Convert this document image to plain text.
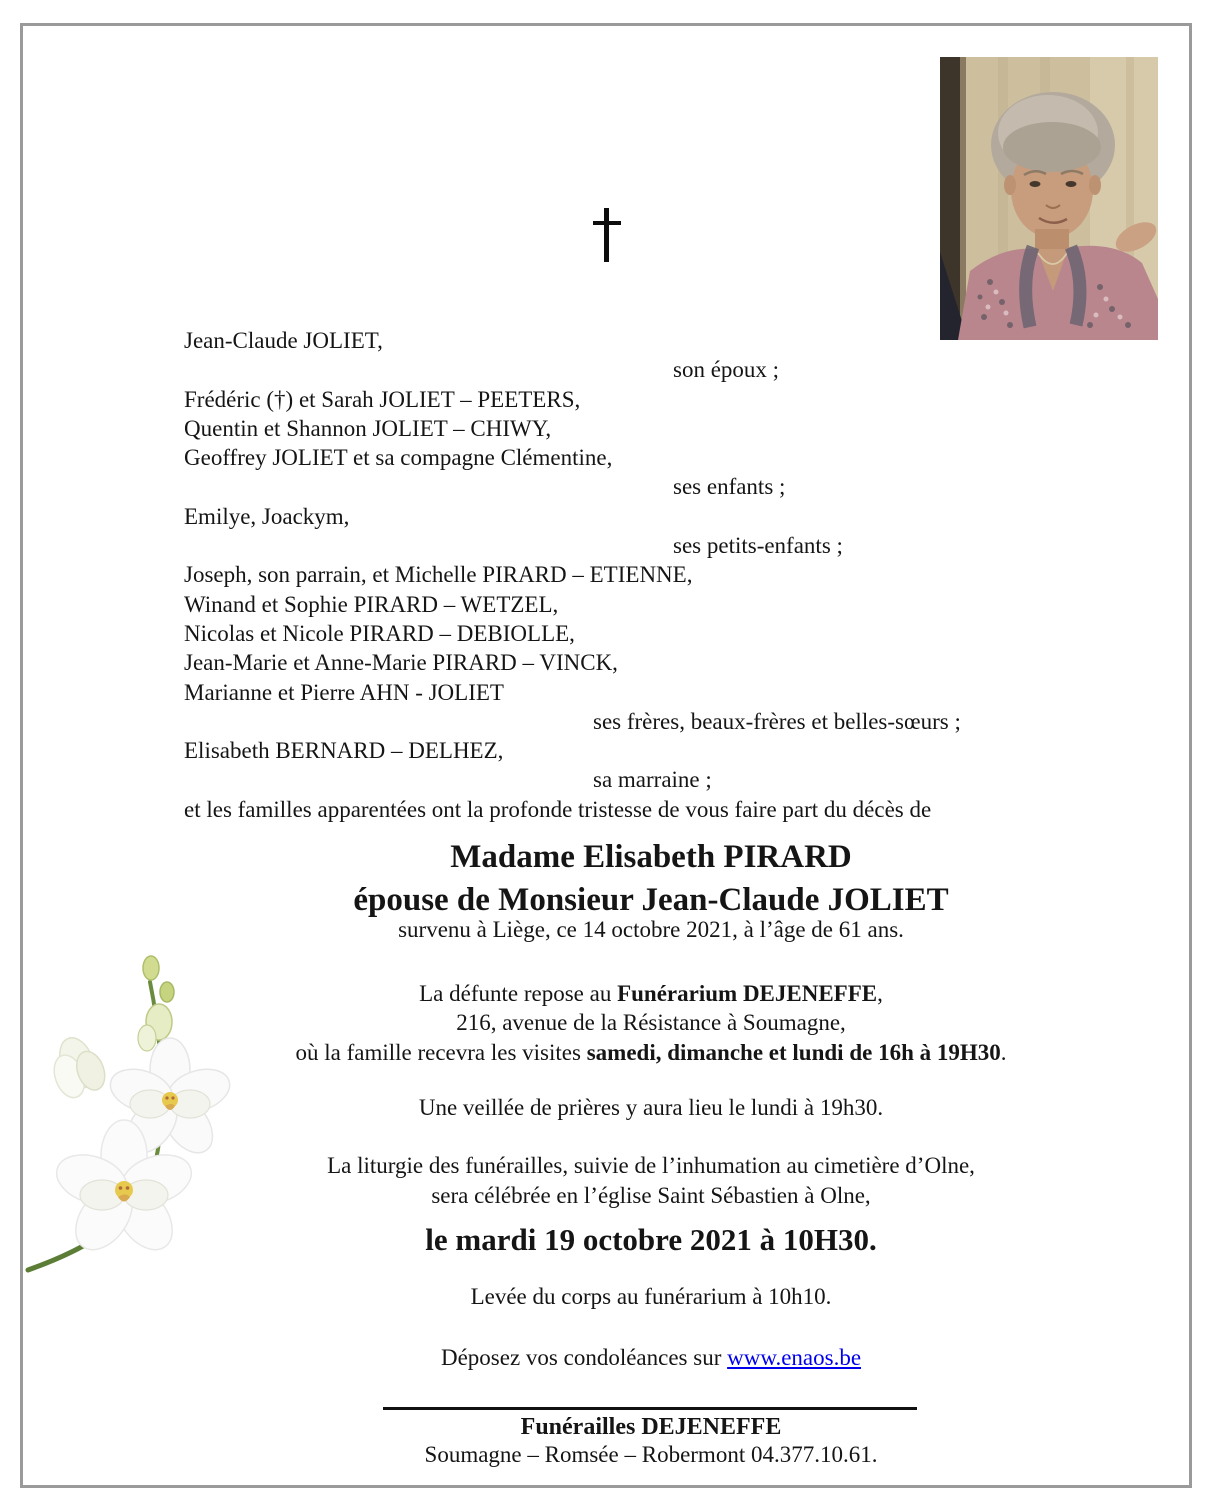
Jean-Claude JOLIET,
son époux ;
Frédéric (†) et Sarah JOLIET – PEETERS,
Quentin et Shannon JOLIET – CHIWY,
Geoffrey JOLIET et sa compagne Clémentine,
ses enfants ;
Emilye, Joackym,
ses petits-enfants ;
Joseph, son parrain, et Michelle PIRARD – ETIENNE,
Winand et Sophie PIRARD – WETZEL,
Nicolas et Nicole PIRARD – DEBIOLLE,
Jean-Marie et Anne-Marie PIRARD – VINCK,
Marianne et Pierre AHN - JOLIET
ses frères, beaux-frères et belles-sœurs ;
Elisabeth BERNARD – DELHEZ,
sa marraine ;
et les familles apparentées ont la profonde tristesse de vous faire part du décès de
Madame Elisabeth PIRARD
épouse de Monsieur Jean-Claude JOLIET
survenu à Liège, ce 14 octobre 2021, à l’âge de 61 ans.
La défunte repose au Funérarium DEJENEFFE,
216, avenue de la Résistance à Soumagne,
où la famille recevra les visites samedi, dimanche et lundi de 16h à 19H30.
Une veillée de prières y aura lieu le lundi à 19h30.
La liturgie des funérailles, suivie de l’inhumation au cimetière d’Olne,
sera célébrée en l’église Saint Sébastien à Olne,
le mardi 19 octobre 2021 à 10H30.
Levée du corps au funérarium à 10h10.
Déposez vos condoléances sur www.enaos.be
Funérailles DEJENEFFE
Soumagne – Romsée – Robermont 04.377.10.61.
